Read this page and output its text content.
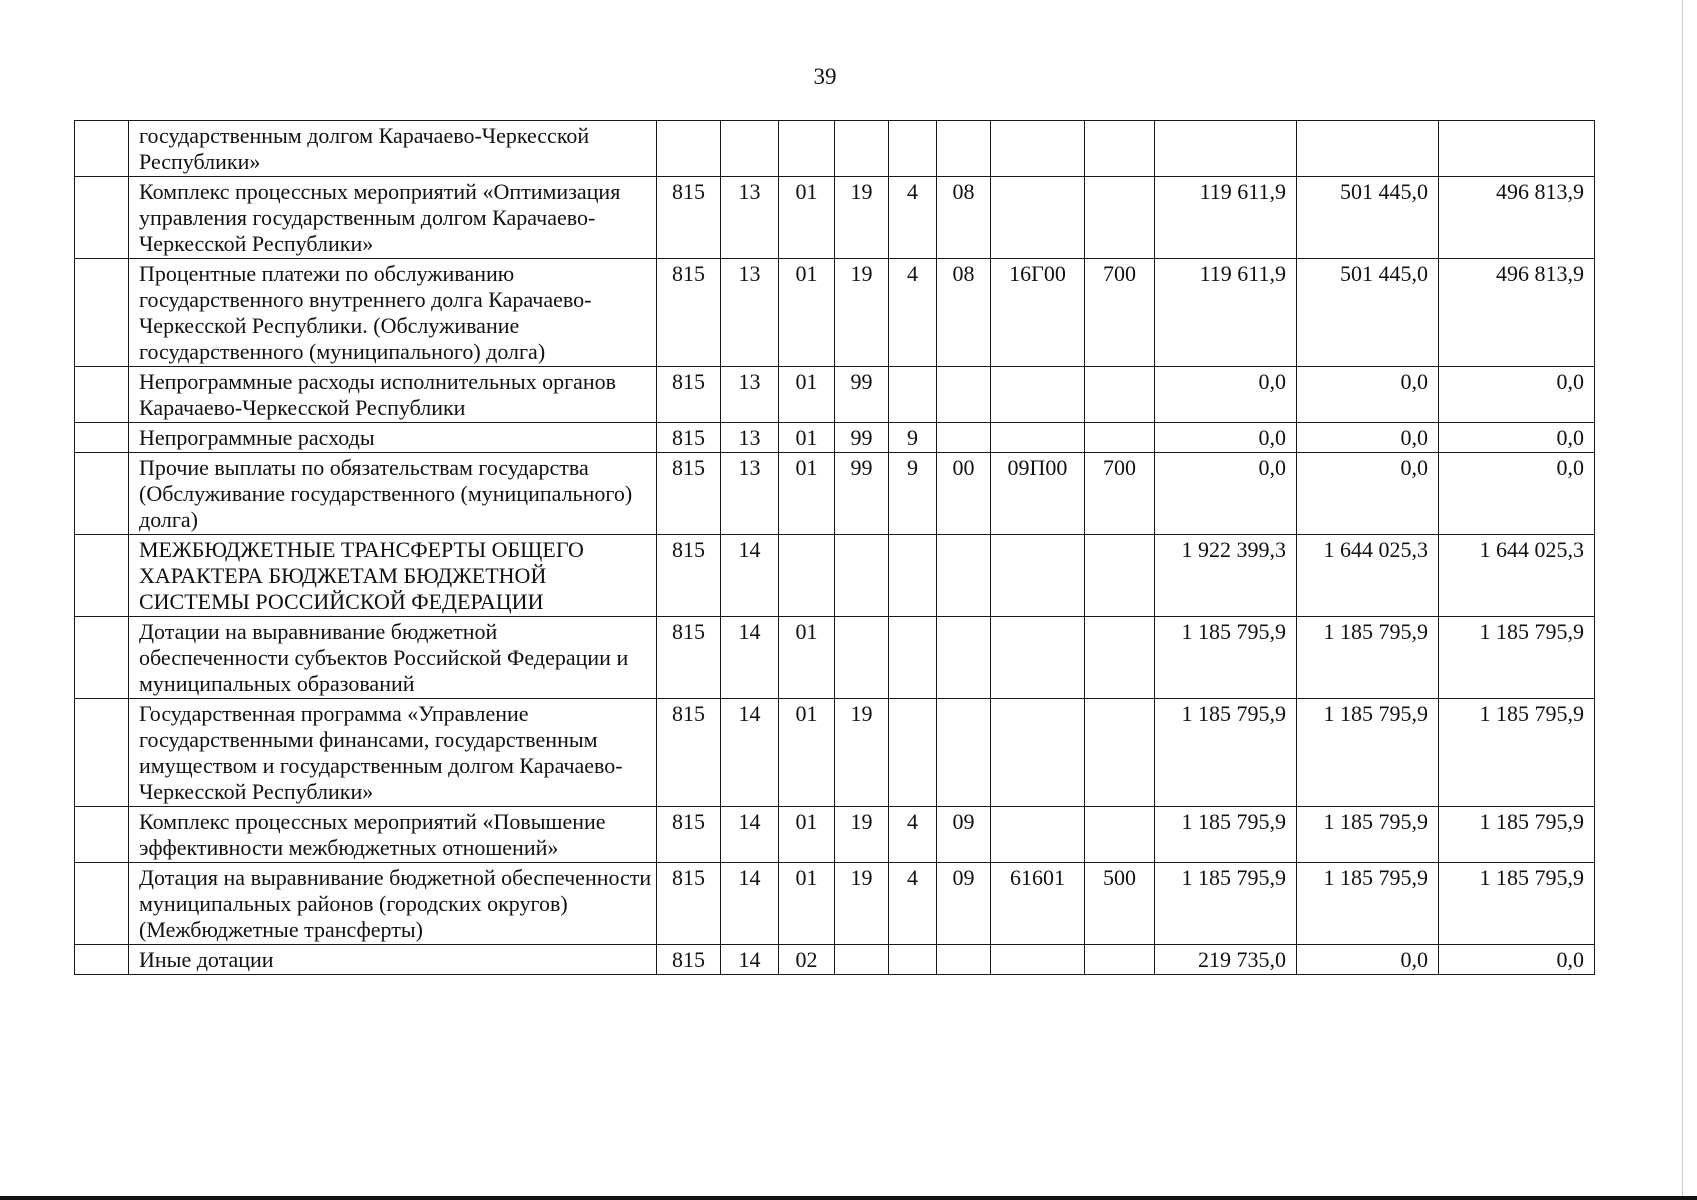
39
	государственным долгом Карачаево-Черкесской Республики»											
	Комплекс процессных мероприятий «Оптимизация управления государственным долгом Карачаево-Черкесской Республики»	815	13	01	19	4	08			119 611,9	501 445,0	496 813,9
	Процентные платежи по обслуживанию государственного внутреннего долга Карачаево-Черкесской Республики. (Обслуживание государственного (муниципального) долга)	815	13	01	19	4	08	16Г00	700	119 611,9	501 445,0	496 813,9
	Непрограммные расходы исполнительных органов Карачаево-Черкесской Республики	815	13	01	99					0,0	0,0	0,0
	Непрограммные расходы	815	13	01	99	9				0,0	0,0	0,0
	Прочие выплаты по обязательствам государства (Обслуживание государственного (муниципального) долга)	815	13	01	99	9	00	09П00	700	0,0	0,0	0,0
	МЕЖБЮДЖЕТНЫЕ ТРАНСФЕРТЫ ОБЩЕГО ХАРАКТЕРА БЮДЖЕТАМ БЮДЖЕТНОЙ СИСТЕМЫ РОССИЙСКОЙ ФЕДЕРАЦИИ	815	14							1 922 399,3	1 644 025,3	1 644 025,3
	Дотации на выравнивание бюджетной обеспеченности субъектов Российской Федерации и муниципальных образований	815	14	01						1 185 795,9	1 185 795,9	1 185 795,9
	Государственная программа «Управление государственными финансами, государственным имуществом и государственным долгом Карачаево-Черкесской Республики»	815	14	01	19					1 185 795,9	1 185 795,9	1 185 795,9
	Комплекс процессных мероприятий «Повышение эффективности межбюджетных отношений»	815	14	01	19	4	09			1 185 795,9	1 185 795,9	1 185 795,9
	Дотация на выравнивание бюджетной обеспеченности муниципальных районов (городских округов) (Межбюджетные трансферты)	815	14	01	19	4	09	61601	500	1 185 795,9	1 185 795,9	1 185 795,9
	Иные дотации	815	14	02						219 735,0	0,0	0,0
